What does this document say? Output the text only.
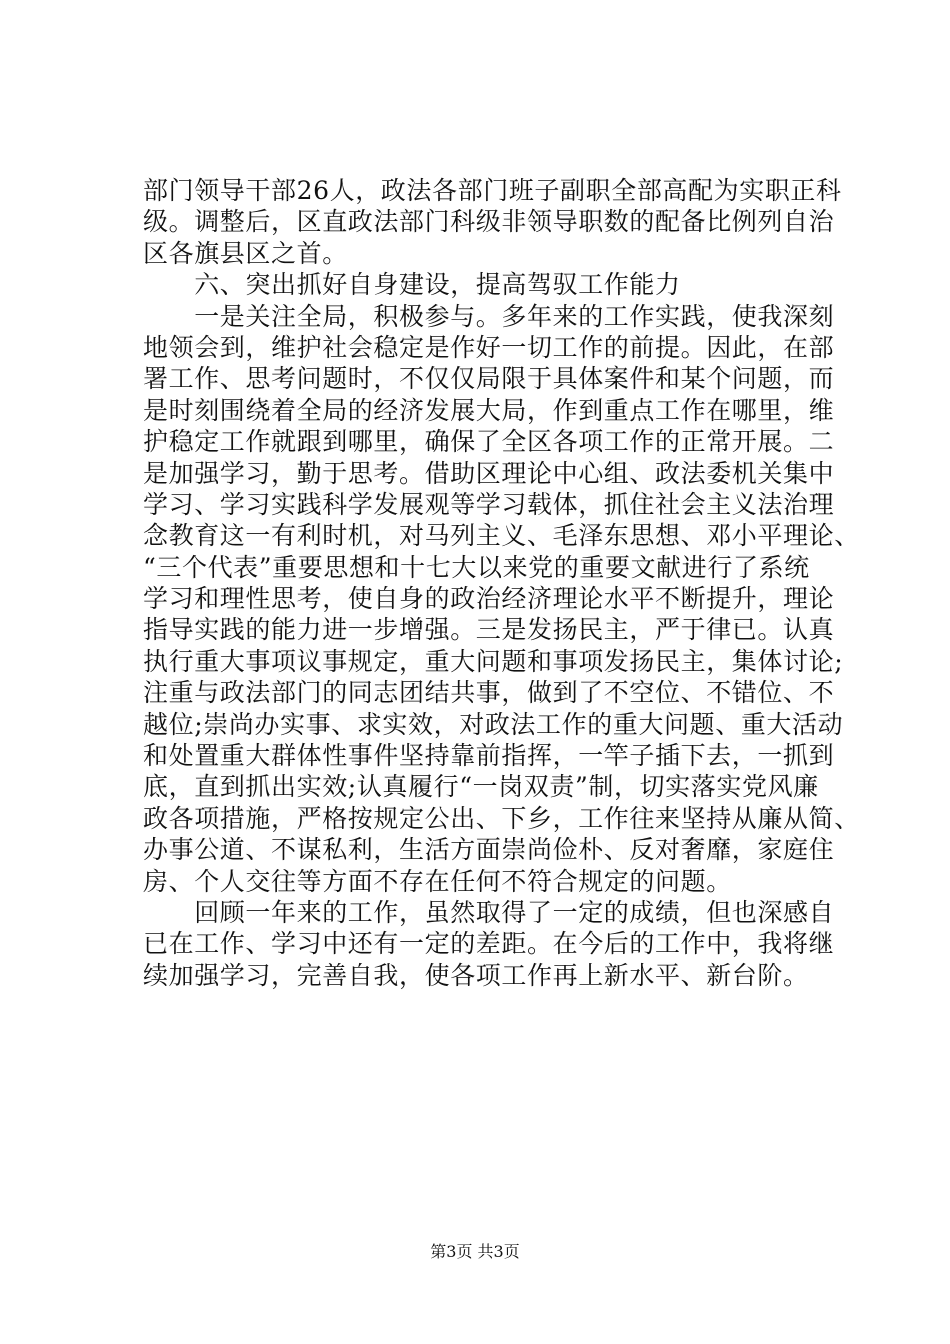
部门领导干部26人，政法各部门班子副职全部高配为实职正科
级。调整后，区直政法部门科级非领导职数的配备比例列自治
区各旗县区之首。
　　六、突出抓好自身建设，提高驾驭工作能力
　　一是关注全局，积极参与。多年来的工作实践，使我深刻
地领会到，维护社会稳定是作好一切工作的前提。因此，在部
署工作、思考问题时，不仅仅局限于具体案件和某个问题，而
是时刻围绕着全局的经济发展大局，作到重点工作在哪里，维
护稳定工作就跟到哪里，确保了全区各项工作的正常开展。二
是加强学习，勤于思考。借助区理论中心组、政法委机关集中
学习、学习实践科学发展观等学习载体，抓住社会主义法治理
念教育这一有利时机，对马列主义、毛泽东思想、邓小平理论、
“三个代表”重要思想和十七大以来党的重要文献进行了系统
学习和理性思考，使自身的政治经济理论水平不断提升，理论
指导实践的能力进一步增强。三是发扬民主，严于律已。认真
执行重大事项议事规定，重大问题和事项发扬民主，集体讨论;
注重与政法部门的同志团结共事，做到了不空位、不错位、不
越位;崇尚办实事、求实效，对政法工作的重大问题、重大活动
和处置重大群体性事件坚持靠前指挥，一竿子插下去，一抓到
底，直到抓出实效;认真履行“一岗双责”制，切实落实党风廉
政各项措施，严格按规定公出、下乡，工作往来坚持从廉从简、
办事公道、不谋私利，生活方面崇尚俭朴、反对奢靡，家庭住
房、个人交往等方面不存在任何不符合规定的问题。
　　回顾一年来的工作，虽然取得了一定的成绩，但也深感自
已在工作、学习中还有一定的差距。在今后的工作中，我将继
续加强学习，完善自我，使各项工作再上新水平、新台阶。
第3页 共3页
